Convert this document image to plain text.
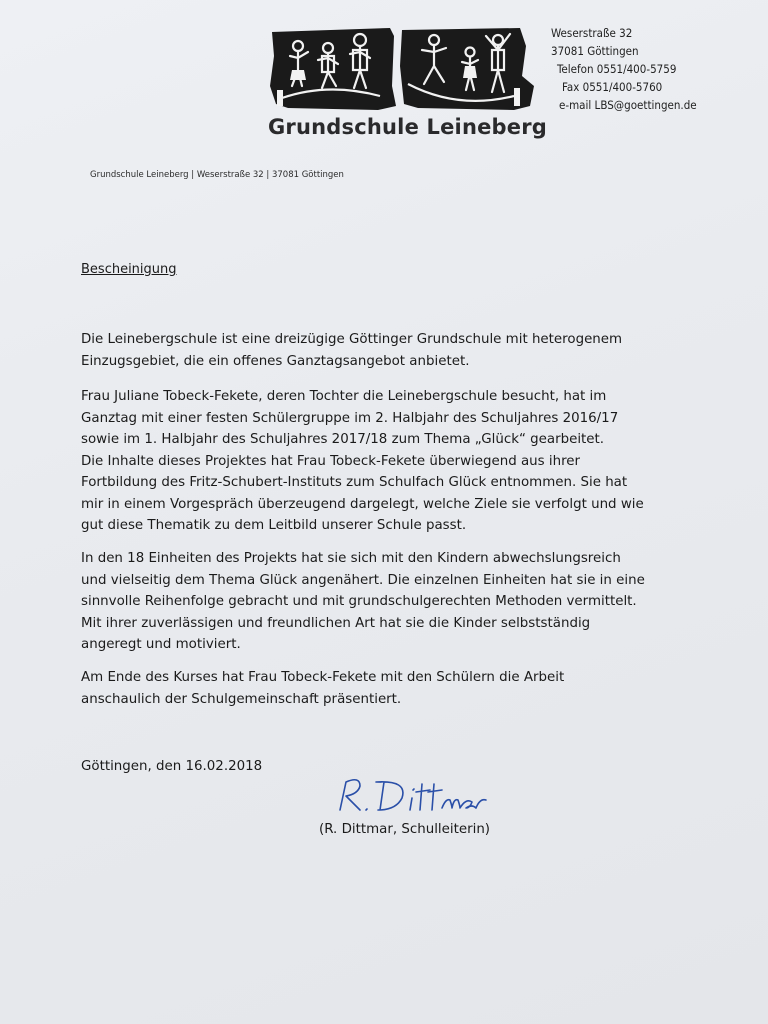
Grundschule Leineberg
Weserstraße 32
37081 Göttingen
Telefon 0551/400-5759
Fax 0551/400-5760
e-mail LBS@goettingen.de
Grundschule Leineberg | Weserstraße 32 | 37081 Göttingen
Bescheinigung
Die Leinebergschule ist eine dreizügige Göttinger Grundschule mit heterogenem
Einzugsgebiet, die ein offenes Ganztagsangebot anbietet.
Frau Juliane Tobeck-Fekete, deren Tochter die Leinebergschule besucht, hat im
Ganztag mit einer festen Schülergruppe im 2. Halbjahr des Schuljahres 2016/17
sowie im 1. Halbjahr des Schuljahres 2017/18 zum Thema „Glück“ gearbeitet.
Die Inhalte dieses Projektes hat Frau Tobeck-Fekete überwiegend aus ihrer
Fortbildung des Fritz-Schubert-Instituts zum Schulfach Glück entnommen. Sie hat
mir in einem Vorgespräch überzeugend dargelegt, welche Ziele sie verfolgt und wie
gut diese Thematik zu dem Leitbild unserer Schule passt.
In den 18 Einheiten des Projekts hat sie sich mit den Kindern abwechslungsreich
und vielseitig dem Thema Glück angenähert. Die einzelnen Einheiten hat sie in eine
sinnvolle Reihenfolge gebracht und mit grundschulgerechten Methoden vermittelt.
Mit ihrer zuverlässigen und freundlichen Art hat sie die Kinder selbstständig
angeregt und motiviert.
Am Ende des Kurses hat Frau Tobeck-Fekete mit den Schülern die Arbeit
anschaulich der Schulgemeinschaft präsentiert.
Göttingen, den 16.02.2018
(R. Dittmar, Schulleiterin)
